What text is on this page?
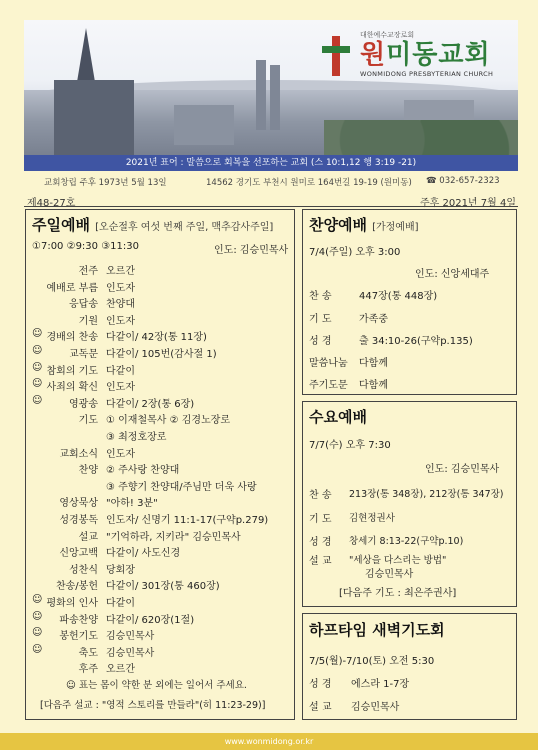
대한예수교장로회
원미동교회
WONMIDONG PRESBYTERIAN CHURCH
2021년 표어 : 말씀으로 회복을 선포하는 교회 (스 10:1,12 행 3:19 -21)
교회창립 주후 1973년 5월 13일	14562 경기도 부천시 원미로 164번길 19-19 (원미동) ☎ 032-657-2323
제48-27호	주후 2021년 7월 4일
주일예배 [오순절후 여섯 번째 주일, 맥추감사주일]
①7:00 ②9:30 ③11:30	인도: 김승민목사
전주 오르간
예배로 부름 인도자
응답송 찬양대
기원 인도자
☺ 경배의 찬송 다같이/ 42장(통 11장)
☺	교독문 다같이/ 105번(감사절 1)
☺ 참회의 기도 다같이
☺ 사죄의 확신 인도자
☺	영광송 다같이/ 2장(통 6장)
기도 ① 이재철목사 ② 김경노장로
③ 최정호장로
교회소식 인도자
찬양 ② 주사랑 찬양대
③ 주향기 찬양대/주님만 더욱 사랑
영상묵상 "아하! 3분"
성경봉독 인도자/ 신명기 11:1-17(구약p.279)
설교 "기억하라, 지키라" 김승민목사
신앙고백 다같이/ 사도신경
성찬식 당회장
찬송/봉헌 다같이/ 301장(통 460장)
☺ 평화의 인사 다같이
☺	파송찬양 다같이/ 620장(1절)
☺	봉헌기도 김승민목사
☺	축도 김승민목사
후주 오르간
☺ 표는 몸이 약한 분 외에는 일어서 주세요.
[다음주 설교 : "영적 스토리를 만들라"(히 11:23-29)]
찬양예배 [가정예배]
7/4(주일) 오후 3:00
인도: 신앙세대주
찬 송	447장(통 448장)
기 도	가족중
성 경	출 34:10-26(구약p.135)
말씀나눔 다함께
주기도문 다함께
수요예배
7/7(수) 오후 7:30
인도: 김승민목사
찬 송 213장(통 348장), 212장(통 347장)
기 도 김현정권사
성 경 창세기 8:13-22(구약p.10)
설 교 "세상을 다스리는 방법"
김승민목사
[다음주 기도 : 최은주권사]
하프타임 새벽기도회
7/5(월)-7/10(토) 오전 5:30
성 경 에스라 1-7장
설 교 김승민목사
www.wonmidong.or.kr
